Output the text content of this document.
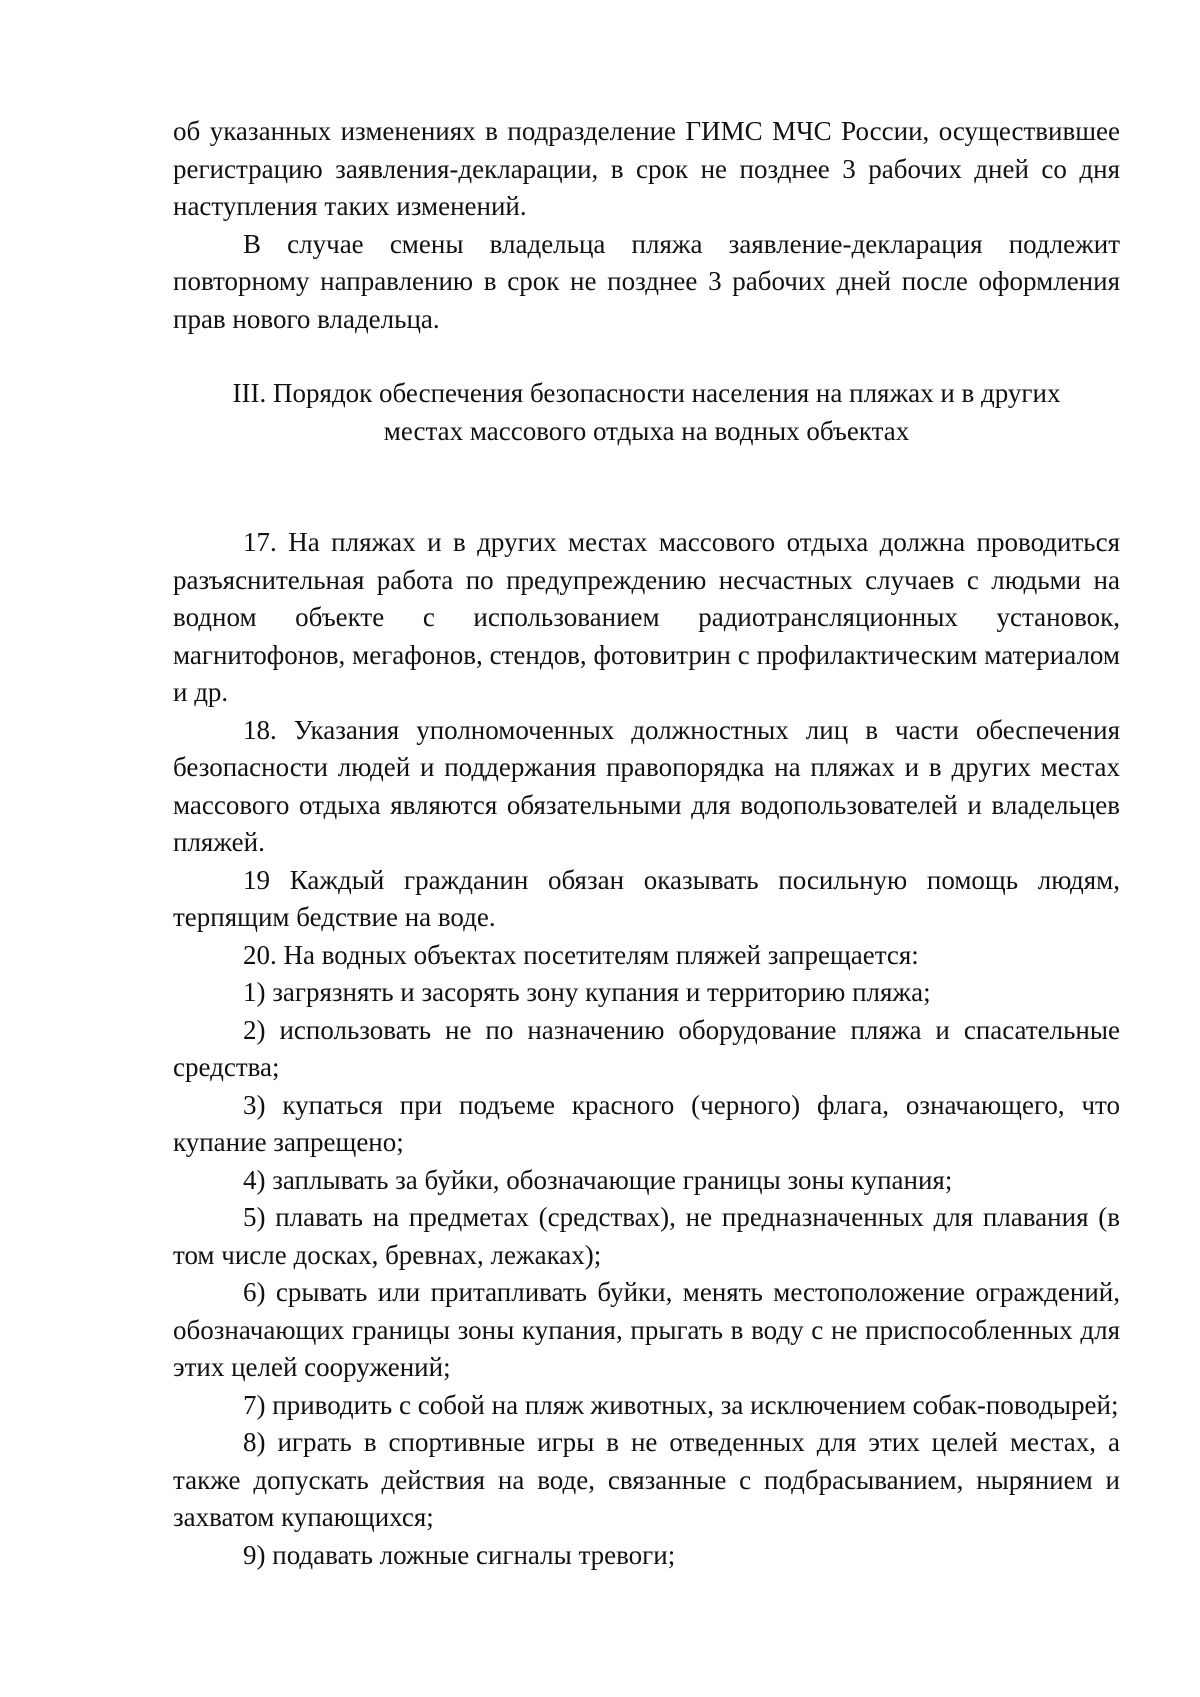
об указанных изменениях в подразделение ГИМС МЧС России, осуществившее регистрацию заявления-декларации, в срок не позднее 3 рабочих дней со дня наступления таких изменений.

В случае смены владельца пляжа заявление-декларация подлежит повторному направлению в срок не позднее 3 рабочих дней после оформления прав нового владельца.

III. Порядок обеспечения безопасности населения на пляжах и в других
местах массового отдыха на водных объектах

17. На пляжах и в других местах массового отдыха должна проводиться разъяснительная работа по предупреждению несчастных случаев с людьми на водном объекте с использованием радиотрансляционных установок, магнитофонов, мегафонов, стендов, фотовитрин с профилактическим материалом и др.

18. Указания уполномоченных должностных лиц в части обеспечения безопасности людей и поддержания правопорядка на пляжах и в других местах массового отдыха являются обязательными для водопользователей и владельцев пляжей.

19 Каждый гражданин обязан оказывать посильную помощь людям, терпящим бедствие на воде.

20. На водных объектах посетителям пляжей запрещается:

1) загрязнять и засорять зону купания и территорию пляжа;

2) использовать не по назначению оборудование пляжа и спасательные средства;

3) купаться при подъеме красного (черного) флага, означающего, что купание запрещено;

4) заплывать за буйки, обозначающие границы зоны купания;

5) плавать на предметах (средствах), не предназначенных для плавания (в том числе досках, бревнах, лежаках);

6) срывать или притапливать буйки, менять местоположение ограждений, обозначающих границы зоны купания, прыгать в воду с не приспособленных для этих целей сооружений;

7) приводить с собой на пляж животных, за исключением собак-поводырей;

8) играть в спортивные игры в не отведенных для этих целей местах, а также допускать действия на воде, связанные с подбрасыванием, нырянием и захватом купающихся;

9) подавать ложные сигналы тревоги;
